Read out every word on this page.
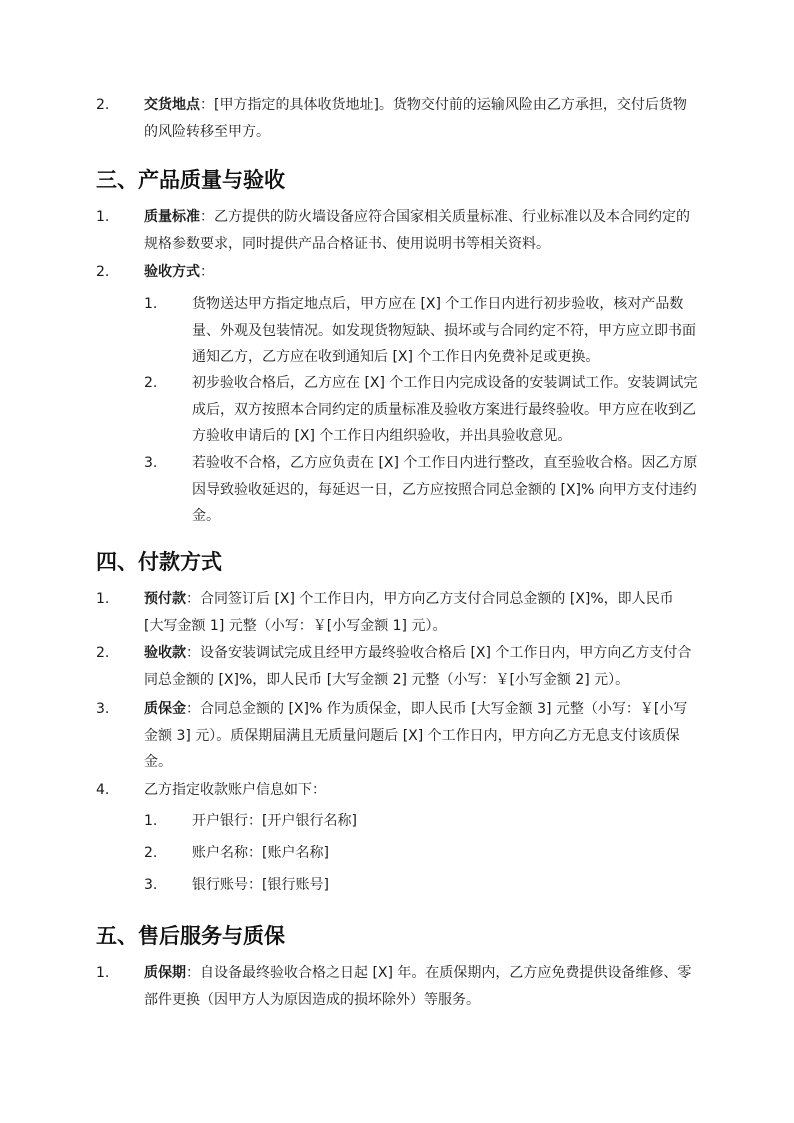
2. 交货地点：[甲方指定的具体收货地址]。货物交付前的运输风险由乙方承担，交付后货物的风险转移至甲方。
三、产品质量与验收
1. 质量标准：乙方提供的防火墙设备应符合国家相关质量标准、行业标准以及本合同约定的规格参数要求，同时提供产品合格证书、使用说明书等相关资料。
2. 验收方式：
1. 货物送达甲方指定地点后，甲方应在 [X] 个工作日内进行初步验收，核对产品数量、外观及包装情况。如发现货物短缺、损坏或与合同约定不符，甲方应立即书面通知乙方，乙方应在收到通知后 [X] 个工作日内免费补足或更换。
2. 初步验收合格后，乙方应在 [X] 个工作日内完成设备的安装调试工作。安装调试完成后，双方按照本合同约定的质量标准及验收方案进行最终验收。甲方应在收到乙方验收申请后的 [X] 个工作日内组织验收，并出具验收意见。
3. 若验收不合格，乙方应负责在 [X] 个工作日内进行整改，直至验收合格。因乙方原因导致验收延迟的，每延迟一日，乙方应按照合同总金额的 [X]% 向甲方支付违约金。
四、付款方式
1. 预付款：合同签订后 [X] 个工作日内，甲方向乙方支付合同总金额的 [X]%，即人民币 [大写金额 1] 元整（小写：￥[小写金额 1] 元）。
2. 验收款：设备安装调试完成且经甲方最终验收合格后 [X] 个工作日内，甲方向乙方支付合同总金额的 [X]%，即人民币 [大写金额 2] 元整（小写：￥[小写金额 2] 元）。
3. 质保金：合同总金额的 [X]% 作为质保金，即人民币 [大写金额 3] 元整（小写：￥[小写金额 3] 元）。质保期届满且无质量问题后 [X] 个工作日内，甲方向乙方无息支付该质保金。
4. 乙方指定收款账户信息如下：
1. 开户银行：[开户银行名称]
2. 账户名称：[账户名称]
3. 银行账号：[银行账号]
五、售后服务与质保
1. 质保期：自设备最终验收合格之日起 [X] 年。在质保期内，乙方应免费提供设备维修、零部件更换（因甲方人为原因造成的损坏除外）等服务。
